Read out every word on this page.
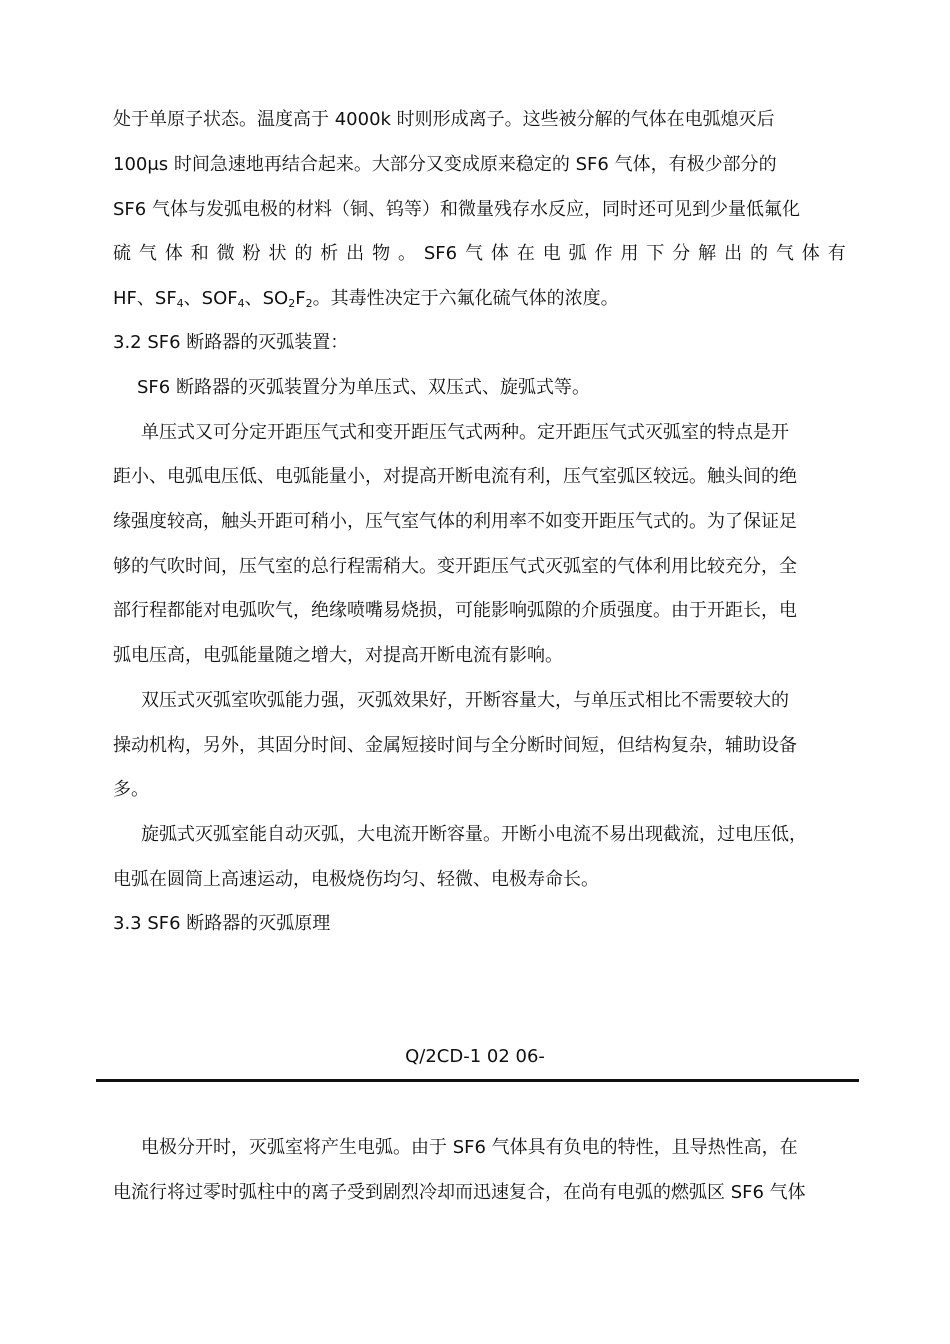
处于单原子状态。温度高于 4000k 时则形成离子。这些被分解的气体在电弧熄灭后
100μs 时间急速地再结合起来。大部分又变成原来稳定的 SF6 气体，有极少部分的
SF6 气体与发弧电极的材料（铜、钨等）和微量残存水反应，同时还可见到少量低氟化
硫 气 体 和 微 粉 状 的 析 出 物 。 SF6 气 体 在 电 弧 作 用 下 分 解 出 的 气 体 有
HF、$SF_4$、$SOF_4$、$SO_2F_2$。其毒性决定于六氟化硫气体的浓度。
3.2 SF6 断路器的灭弧装置：
SF6 断路器的灭弧装置分为单压式、双压式、旋弧式等。
单压式又可分定开距压气式和变开距压气式两种。定开距压气式灭弧室的特点是开
距小、电弧电压低、电弧能量小，对提高开断电流有利，压气室弧区较远。触头间的绝
缘强度较高，触头开距可稍小，压气室气体的利用率不如变开距压气式的。为了保证足
够的气吹时间，压气室的总行程需稍大。变开距压气式灭弧室的气体利用比较充分，全
部行程都能对电弧吹气，绝缘喷嘴易烧损，可能影响弧隙的介质强度。由于开距长，电
弧电压高，电弧能量随之增大，对提高开断电流有影响。
双压式灭弧室吹弧能力强，灭弧效果好，开断容量大，与单压式相比不需要较大的
操动机构，另外，其固分时间、金属短接时间与全分断时间短，但结构复杂，辅助设备
多。
旋弧式灭弧室能自动灭弧，大电流开断容量。开断小电流不易出现截流，过电压低，
电弧在圆筒上高速运动，电极烧伤均匀、轻微、电极寿命长。
3.3 SF6 断路器的灭弧原理
Q/2CD-1 02 06-
电极分开时，灭弧室将产生电弧。由于 SF6 气体具有负电的特性，且导热性高，在
电流行将过零时弧柱中的离子受到剧烈冷却而迅速复合，在尚有电弧的燃弧区 SF6 气体
